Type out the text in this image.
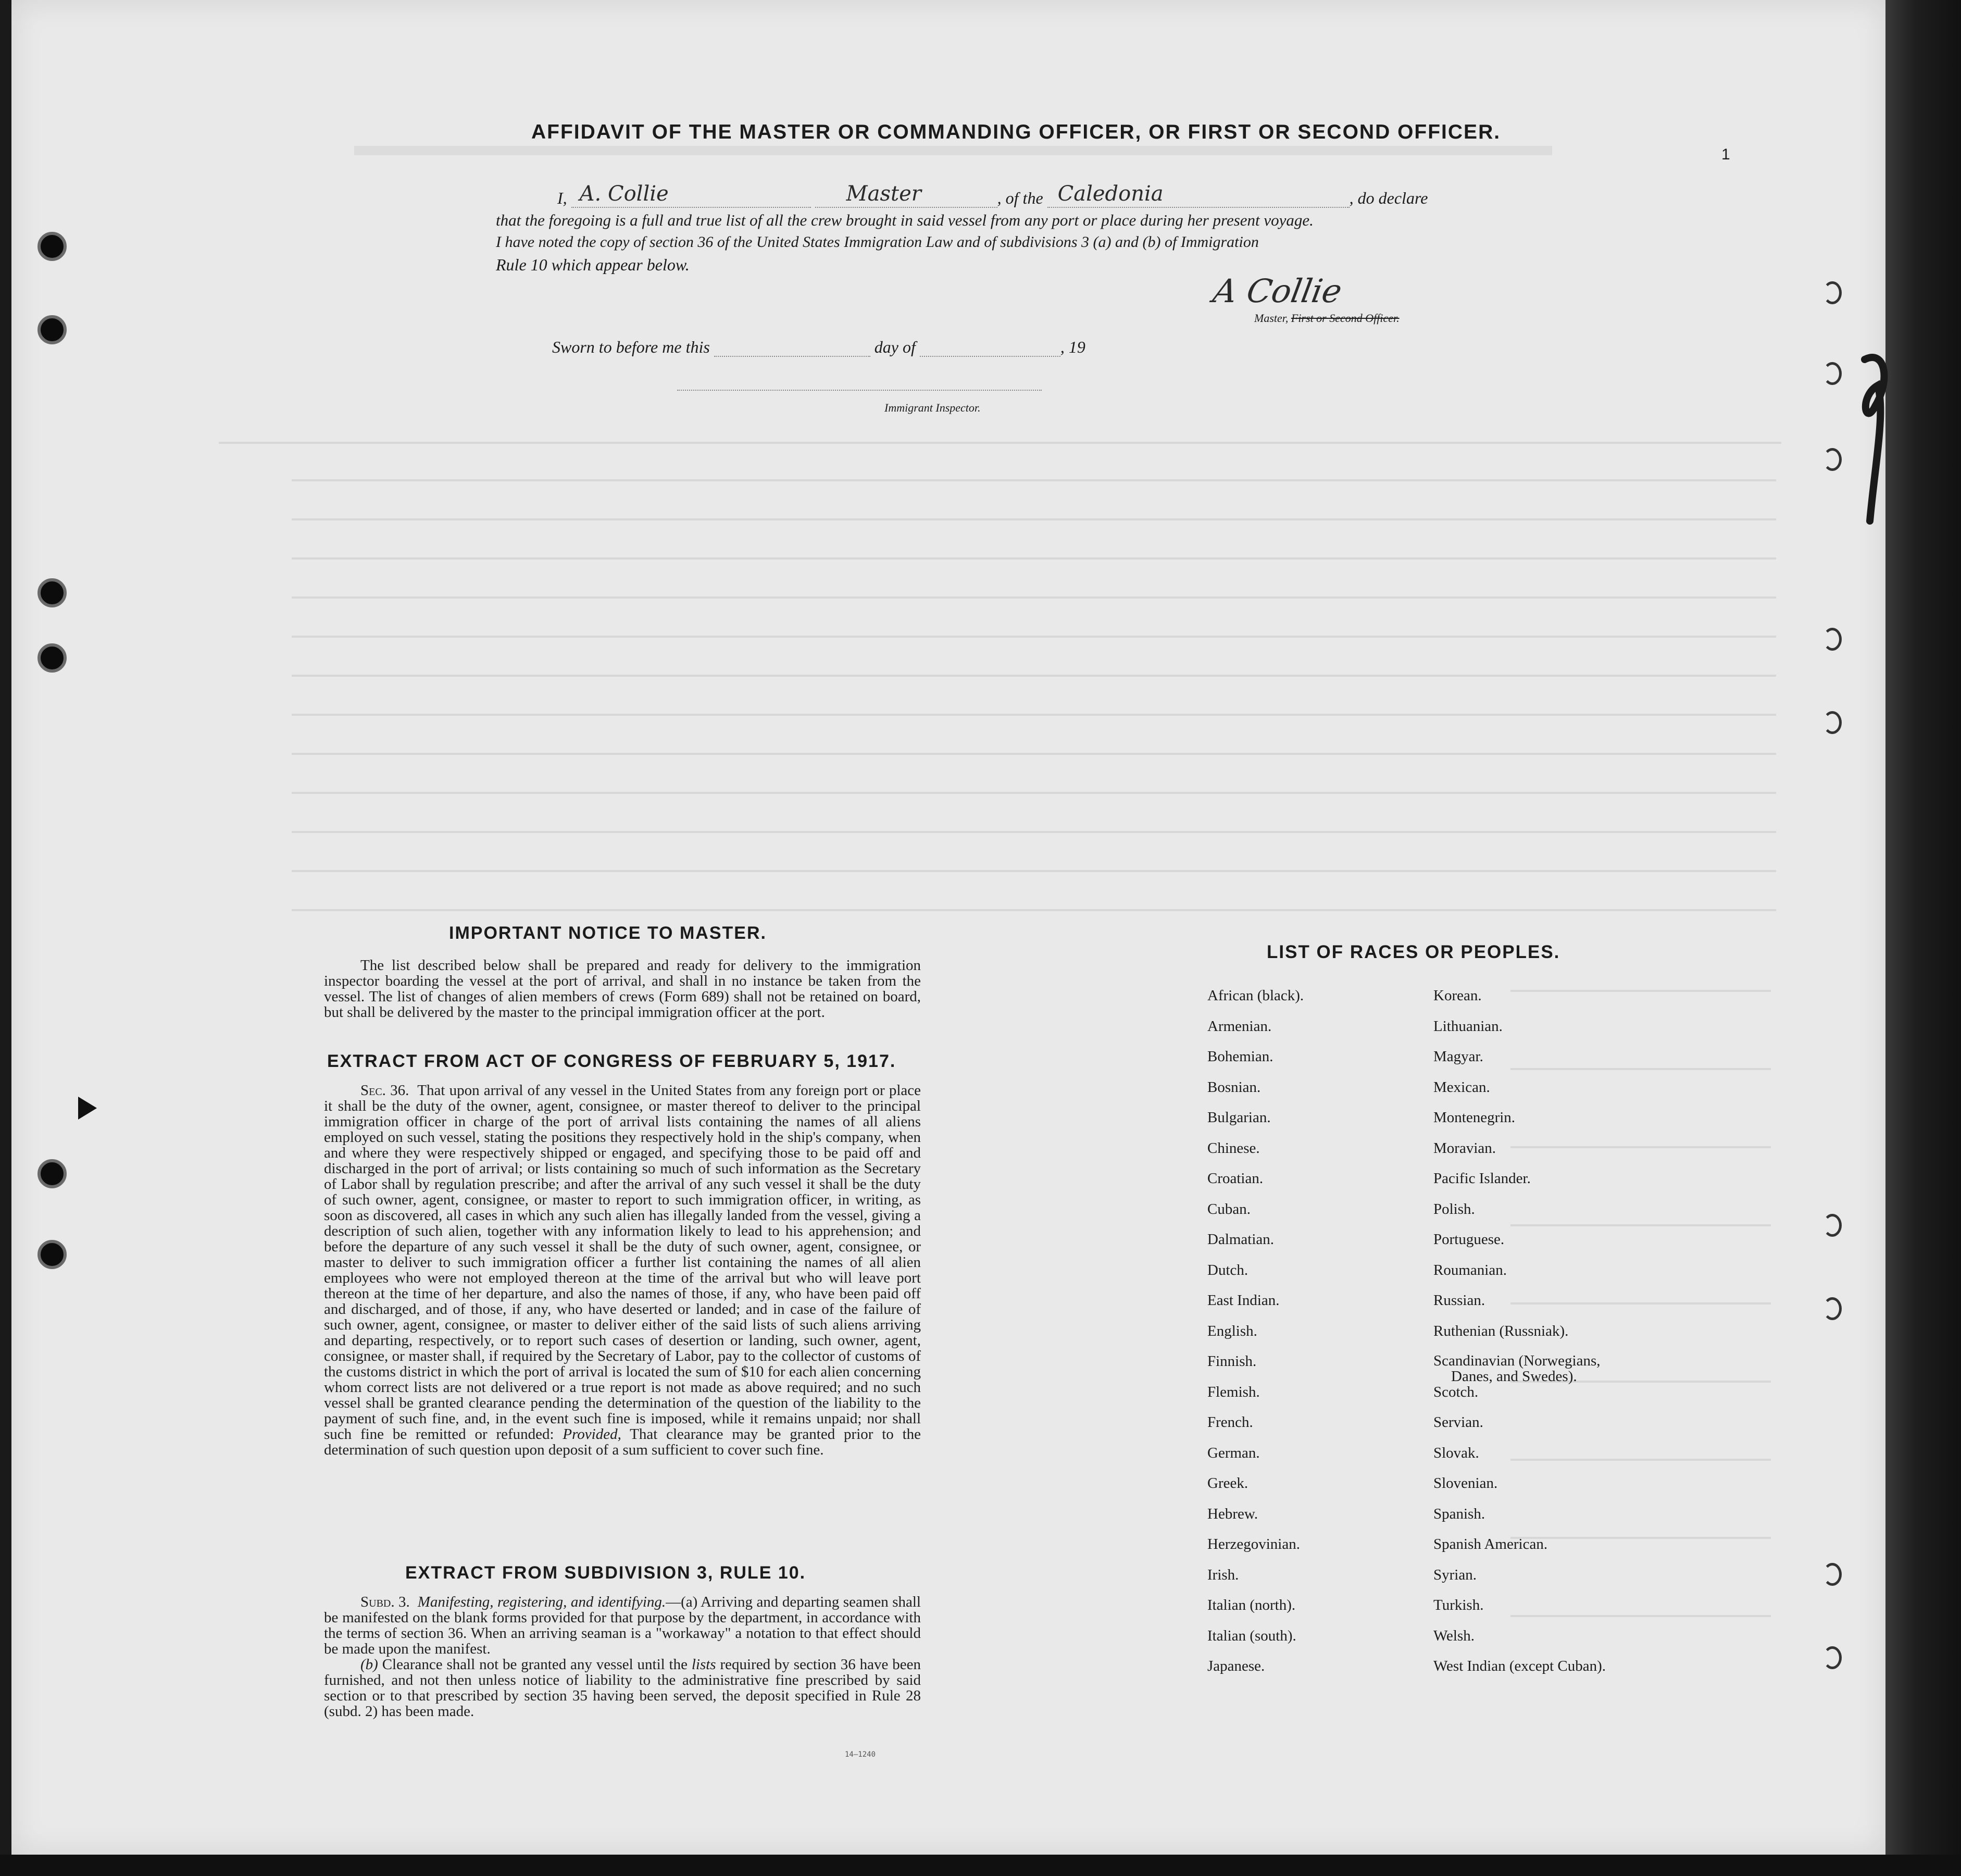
1
AFFIDAVIT OF THE MASTER OR COMMANDING OFFICER, OR FIRST OR SECOND OFFICER.
I, A. Collie
	Master	, of the Caledonia	, do declare
that the foregoing is a full and true list of all the crew brought in said vessel from any port or place during her present voyage.
I have noted the copy of section 36 of the United States Immigration Law and of subdivisions 3 (a) and (b) of Immigration
Rule 10 which appear below.
A Collie
Master, First or Second Officer.
Sworn to before me this	day of	, 19
Immigrant Inspector.
IMPORTANT NOTICE TO MASTER.

The list described below shall be prepared and ready for delivery to the immigration inspector boarding the vessel at the port of arrival, and shall in no instance be taken from the vessel. The list of changes of alien members of crews (Form 689) shall not be retained on board, but shall be delivered by the master to the principal immigration officer at the port.

EXTRACT FROM ACT OF CONGRESS OF FEBRUARY 5, 1917.

Sec. 36. That upon arrival of any vessel in the United States from any foreign port or place it shall be the duty of the owner, agent, consignee, or master thereof to deliver to the principal immigration officer in charge of the port of arrival lists containing the names of all aliens employed on such vessel, stating the positions they respectively hold in the ship's company, when and where they were respectively shipped or engaged, and specifying those to be paid off and discharged in the port of arrival; or lists containing so much of such information as the Secretary of Labor shall by regulation prescribe; and after the arrival of any such vessel it shall be the duty of such owner, agent, consignee, or master to report to such immigration officer, in writing, as soon as discovered, all cases in which any such alien has illegally landed from the vessel, giving a description of such alien, together with any information likely to lead to his apprehension; and before the departure of any such vessel it shall be the duty of such owner, agent, consignee, or master to deliver to such immigration officer a further list containing the names of all alien employees who were not employed thereon at the time of the arrival but who will leave port thereon at the time of her departure, and also the names of those, if any, who have been paid off and discharged, and of those, if any, who have deserted or landed; and in case of the failure of such owner, agent, consignee, or master to deliver either of the said lists of such aliens arriving and departing, respectively, or to report such cases of desertion or landing, such owner, agent, consignee, or master shall, if required by the Secretary of Labor, pay to the collector of customs of the customs district in which the port of arrival is located the sum of $10 for each alien concerning whom correct lists are not delivered or a true report is not made as above required; and no such vessel shall be granted clearance pending the determination of the question of the liability to the payment of such fine, and, in the event such fine is imposed, while it remains unpaid; nor shall such fine be remitted or refunded: Provided, That clearance may be granted prior to the determination of such question upon deposit of a sum sufficient to cover such fine.

EXTRACT FROM SUBDIVISION 3, RULE 10.

Subd. 3. Manifesting, registering, and identifying.—(a) Arriving and departing seamen shall be manifested on the blank forms provided for that purpose by the department, in accordance with the terms of section 36. When an arriving seaman is a "workaway" a notation to that effect should be made upon the manifest.

(b) Clearance shall not be granted any vessel until the lists required by section 36 have been furnished, and not then unless notice of liability to the administrative fine prescribed by said section or to that prescribed by section 35 having been served, the deposit specified in Rule 28 (subd. 2) has been made.

14—1240
LIST OF RACES OR PEOPLES.
African (black).
Armenian.
Bohemian.
Bosnian.
Bulgarian.
Chinese.
Croatian.
Cuban.
Dalmatian.
Dutch.
East Indian.
English.
Finnish.
Flemish.
French.
German.
Greek.
Hebrew.
Herzegovinian.
Irish.
Italian (north).
Italian (south).
Japanese.
Korean.
Lithuanian.
Magyar.
Mexican.
Montenegrin.
Moravian.
Pacific Islander.
Polish.
Portuguese.
Roumanian.
Russian.
Ruthenian (Russniak).
Scandinavian (Norwegians,
Danes, and Swedes).
Scotch.
Servian.
Slovak.
Slovenian.
Spanish.
Spanish American.
Syrian.
Turkish.
Welsh.
West Indian (except Cuban).
